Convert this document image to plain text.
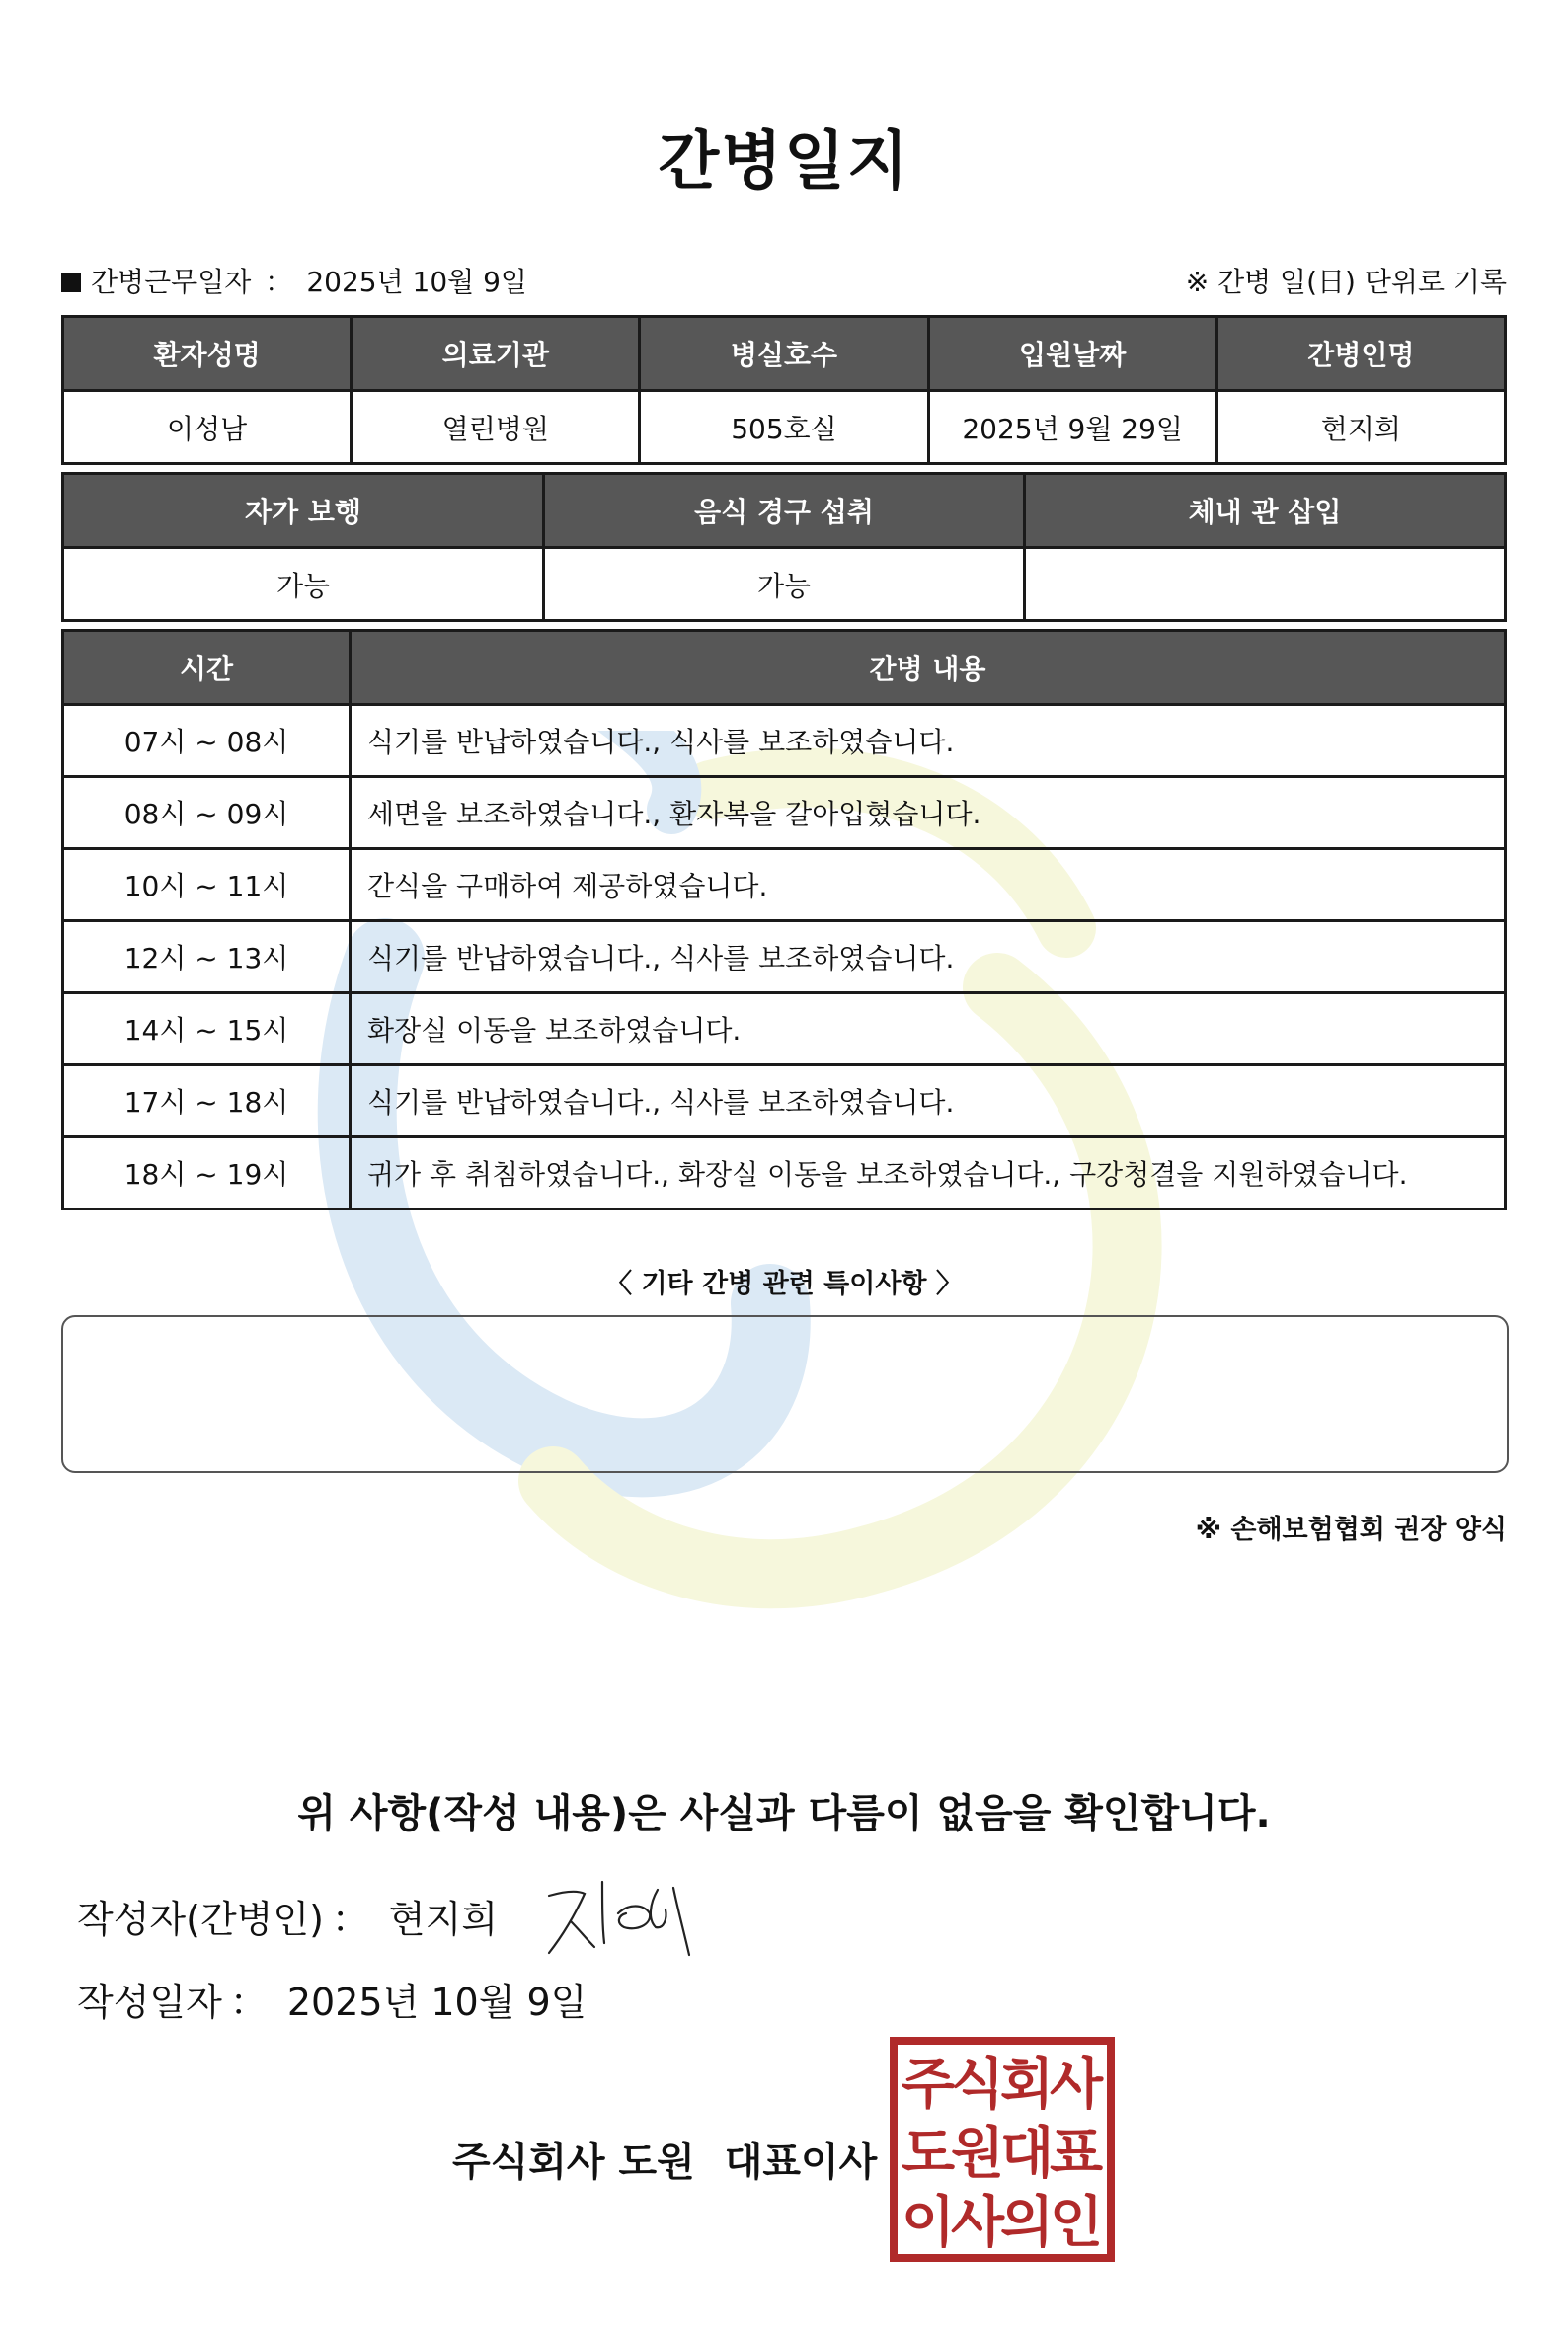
간병일지
간병근무일자 ： 2025년 10월 9일	※ 간병 일(日) 단위로 기록
환자성명	의료기관	병실호수	입원날짜	간병인명
이성남	열린병원	505호실	2025년 9월 29일	현지희
자가 보행	음식 경구 섭취	체내 관 삽입
가능	가능	
시간	간병 내용
07시 ~ 08시	식기를 반납하였습니다., 식사를 보조하였습니다.
08시 ~ 09시	세면을 보조하였습니다., 환자복을 갈아입혔습니다.
10시 ~ 11시	간식을 구매하여 제공하였습니다.
12시 ~ 13시	식기를 반납하였습니다., 식사를 보조하였습니다.
14시 ~ 15시	화장실 이동을 보조하였습니다.
17시 ~ 18시	식기를 반납하였습니다., 식사를 보조하였습니다.
18시 ~ 19시	귀가 후 취침하였습니다., 화장실 이동을 보조하였습니다., 구강청결을 지원하였습니다.
〈 기타 간병 관련 특이사항 〉
※ 손해보험협회 권장 양식
위 사항(작성 내용)은 사실과 다름이 없음을 확인합니다.
작성자(간병인) ： 현지희
작성일자 ： 2025년 10월 9일
주식회사 도원 대표이사
주
식
회
사
도
원
대
표
이
사
의
인
